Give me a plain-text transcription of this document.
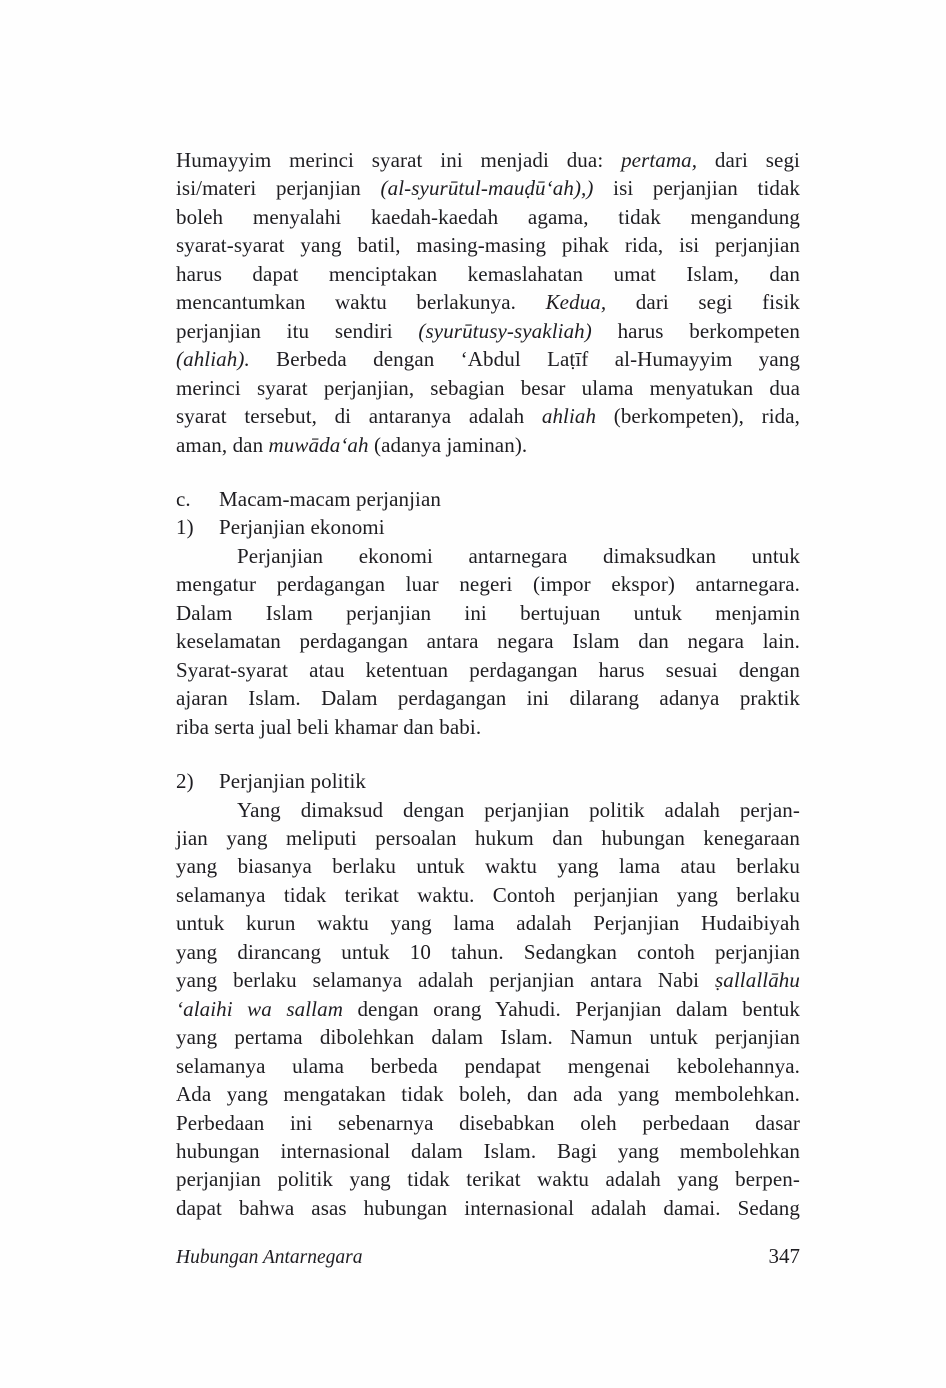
Humayyim merinci syarat ini menjadi dua: pertama, dari segi
isi/materi perjanjian (al-syurūtul-mauḍū‘ah),) isi perjanjian tidak
boleh menyalahi kaedah-kaedah agama, tidak mengandung
syarat-syarat yang batil, masing-masing pihak rida, isi perjanjian
harus dapat menciptakan kemaslahatan umat Islam, dan
mencantumkan waktu berlakunya. Kedua, dari segi fisik
perjanjian itu sendiri (syurūtusy-syakliah) harus berkompeten
(ahliah). Berbeda dengan ‘Abdul Laṭīf al-Humayyim yang
merinci syarat perjanjian, sebagian besar ulama menyatukan dua
syarat tersebut, di antaranya adalah ahliah (berkompeten), rida,
aman, dan muwāda‘ah (adanya jaminan).
c. Macam-macam perjanjian
1) Perjanjian ekonomi
Perjanjian ekonomi antarnegara dimaksudkan untuk
mengatur perdagangan luar negeri (impor ekspor) antarnegara.
Dalam Islam perjanjian ini bertujuan untuk menjamin
keselamatan perdagangan antara negara Islam dan negara lain.
Syarat-syarat atau ketentuan perdagangan harus sesuai dengan
ajaran Islam. Dalam perdagangan ini dilarang adanya praktik
riba serta jual beli khamar dan babi.
2) Perjanjian politik
Yang dimaksud dengan perjanjian politik adalah perjan-
jian yang meliputi persoalan hukum dan hubungan kenegaraan
yang biasanya berlaku untuk waktu yang lama atau berlaku
selamanya tidak terikat waktu. Contoh perjanjian yang berlaku
untuk kurun waktu yang lama adalah Perjanjian Hudaibiyah
yang dirancang untuk 10 tahun. Sedangkan contoh perjanjian
yang berlaku selamanya adalah perjanjian antara Nabi ṣallallāhu
‘alaihi wa sallam dengan orang Yahudi. Perjanjian dalam bentuk
yang pertama dibolehkan dalam Islam. Namun untuk perjanjian
selamanya ulama berbeda pendapat mengenai kebolehannya.
Ada yang mengatakan tidak boleh, dan ada yang membolehkan.
Perbedaan ini sebenarnya disebabkan oleh perbedaan dasar
hubungan internasional dalam Islam. Bagi yang membolehkan
perjanjian politik yang tidak terikat waktu adalah yang berpen-
dapat bahwa asas hubungan internasional adalah damai. Sedang
Hubungan Antarnegara	347
